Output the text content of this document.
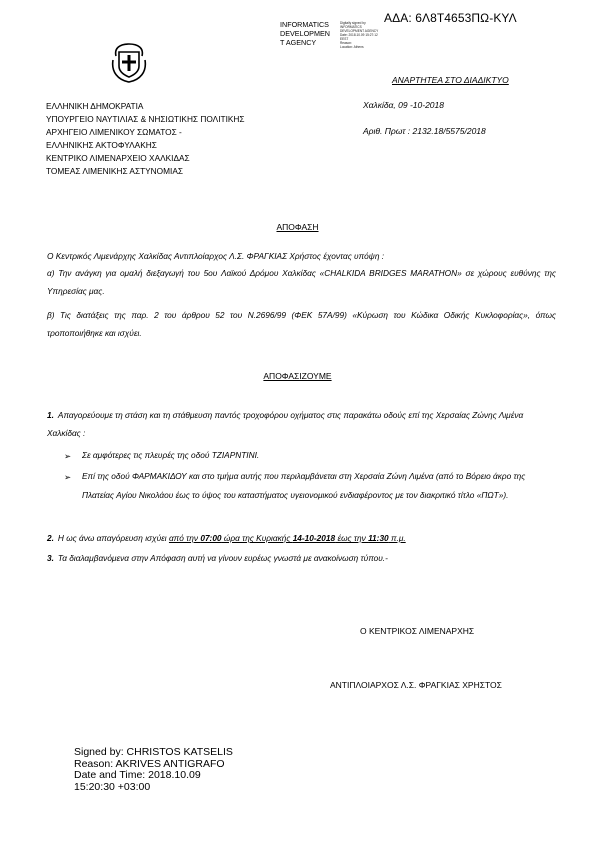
ΑΔΑ: 6Λ8Τ4653ΠΩ-ΚΥΛ
INFORMATICS
DEVELOPMEN
T AGENCY
Digitally signed by
INFORMATICS
DEVELOPMENT AGENCY
Date: 2018.10.09 15:27:12
EEST
Reason:
Location: Athens
ΑΝΑΡΤΗΤΕΑ ΣΤΟ ΔΙΑΔΙΚΤΥΟ
ΕΛΛΗΝΙΚΗ ΔΗΜΟΚΡΑΤΙΑ
ΥΠΟΥΡΓΕΙΟ ΝΑΥΤΙΛΙΑΣ & ΝΗΣΙΩΤΙΚΗΣ ΠΟΛΙΤΙΚΗΣ
ΑΡΧΗΓΕΙΟ ΛΙΜΕΝΙΚΟΥ ΣΩΜΑΤΟΣ -
ΕΛΛΗΝΙΚΗΣ ΑΚΤΟΦΥΛΑΚΗΣ
ΚΕΝΤΡΙΚΟ ΛΙΜΕΝΑΡΧΕΙΟ ΧΑΛΚΙΔΑΣ
ΤΟΜΕΑΣ ΛΙΜΕΝΙΚΗΣ ΑΣΤΥΝΟΜΙΑΣ
Χαλκίδα, 09 -10-2018
Αριθ. Πρωτ : 2132.18/5575/2018
ΑΠΟΦΑΣΗ
Ο Κεντρικός Λιμενάρχης Χαλκίδας Αντιπλοίαρχος Λ.Σ. ΦΡΑΓΚΙΑΣ Χρήστος έχοντας υπόψη :
α) Την ανάγκη για ομαλή διεξαγωγή του 5ου Λαϊκού Δρόμου Χαλκίδας «CHALKIDA BRIDGES MARATHON» σε χώρους ευθύνης της Υπηρεσίας μας.
β) Τις διατάξεις της παρ. 2 του άρθρου 52 του Ν.2696/99 (ΦΕΚ 57Α/99) «Κύρωση του Κώδικα Οδικής Κυκλοφορίας», όπως τροποποιήθηκε και ισχύει.
ΑΠΟΦΑΣΙΖΟΥΜΕ
1. Απαγορεύουμε τη στάση και τη στάθμευση παντός τροχοφόρου οχήματος στις παρακάτω οδούς επί της Χερσαίας Ζώνης Λιμένα Χαλκίδας :
➢ Σε αμφότερες τις πλευρές της οδού ΤΖΙΑΡΝΤΙΝΙ.
➢ Επί της οδού ΦΑΡΜΑΚΙΔΟΥ και στο τμήμα αυτής που περιλαμβάνεται στη Χερσαία Ζώνη Λιμένα (από το Βόρειο άκρο της Πλατείας Αγίου Νικολάου έως το ύψος του καταστήματος υγειονομικού ενδιαφέροντος με τον διακριτικό τίτλο «ΠΩΤ»).
2. Η ως άνω απαγόρευση ισχύει από την 07:00 ώρα της Κυριακής 14-10-2018 έως την 11:30 π.μ.
3. Τα διαλαμβανόμενα στην Απόφαση αυτή να γίνουν ευρέως γνωστά με ανακοίνωση τύπου.-
Ο ΚΕΝΤΡΙΚΟΣ ΛΙΜΕΝΑΡΧΗΣ
ΑΝΤΙΠΛΟΙΑΡΧΟΣ Λ.Σ. ΦΡΑΓΚΙΑΣ ΧΡΗΣΤΟΣ
Signed by: CHRISTOS KATSELIS
Reason: AKRIVES ANTIGRAFO
Date and Time: 2018.10.09
15:20:30 +03:00
